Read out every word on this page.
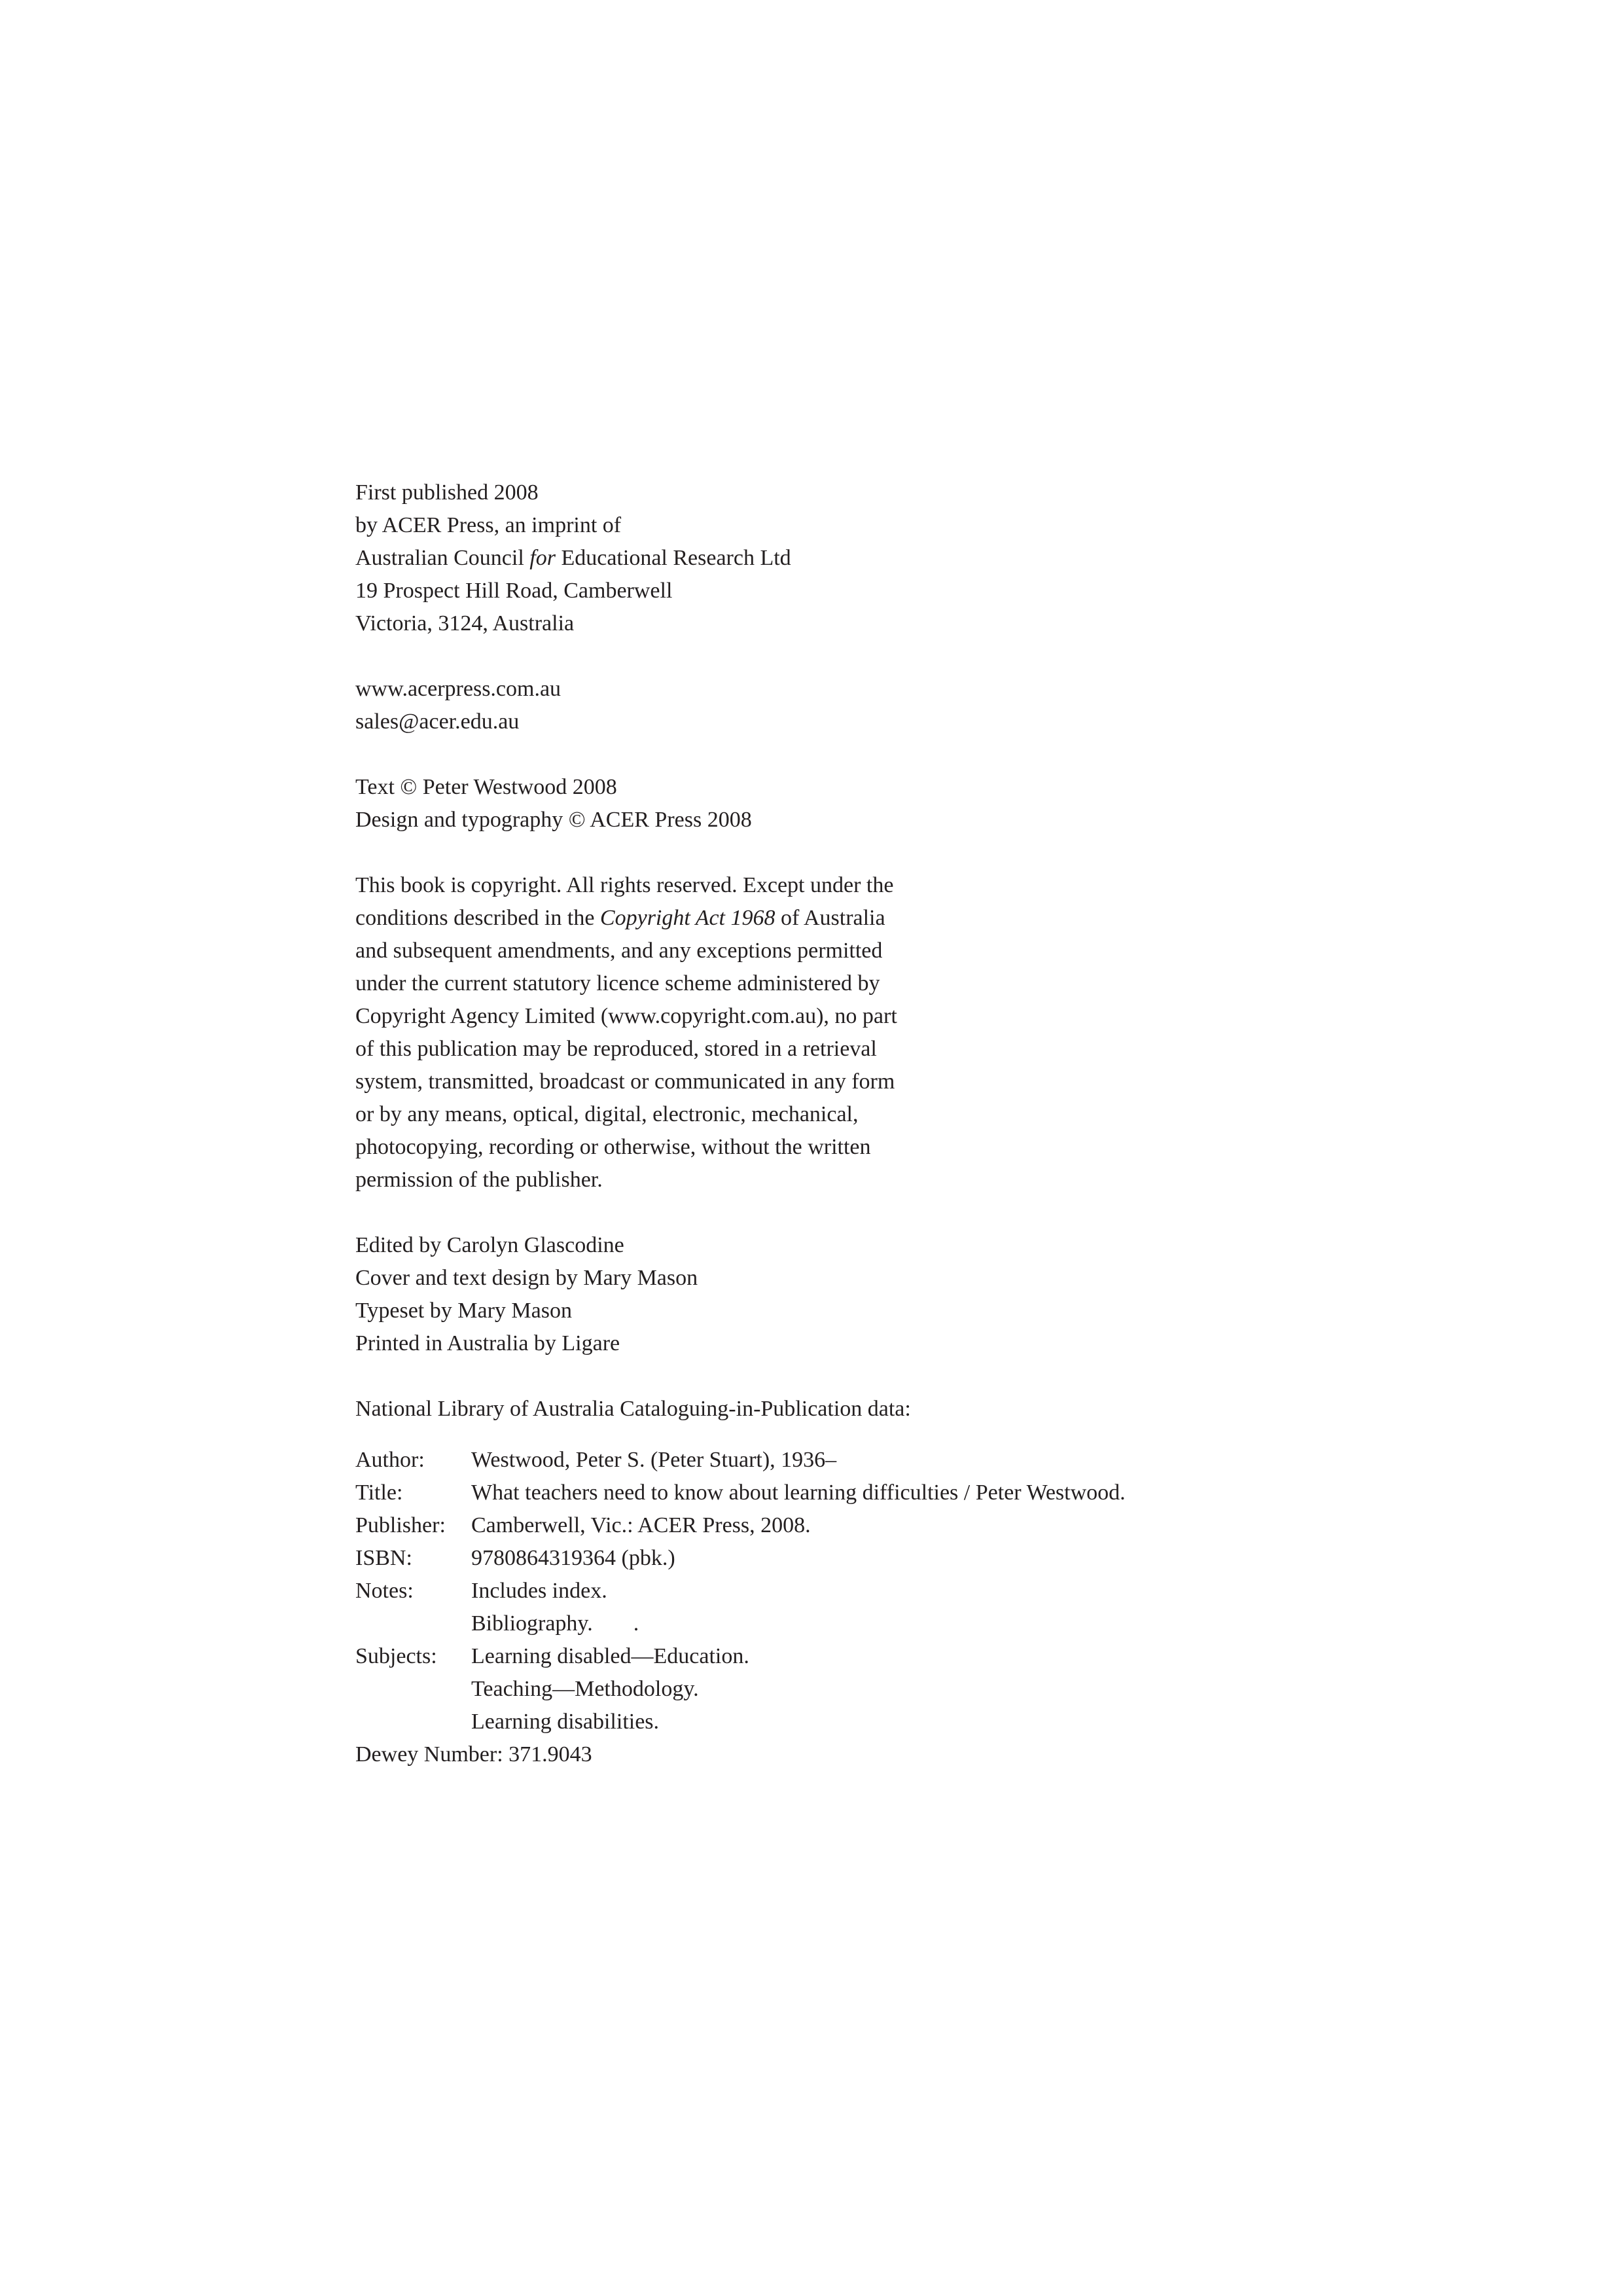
First published 2008
by ACER Press, an imprint of
Australian Council for Educational Research Ltd
19 Prospect Hill Road, Camberwell
Victoria, 3124, Australia
www.acerpress.com.au
sales@acer.edu.au
Text © Peter Westwood 2008
Design and typography © ACER Press 2008
This book is copyright. All rights reserved. Except under the
conditions described in the Copyright Act 1968 of Australia
and subsequent amendments, and any exceptions permitted
under the current statutory licence scheme administered by
Copyright Agency Limited (www.copyright.com.au), no part
of this publication may be reproduced, stored in a retrieval
system, transmitted, broadcast or communicated in any form
or by any means, optical, digital, electronic, mechanical,
photocopying, recording or otherwise, without the written
permission of the publisher.
Edited by Carolyn Glascodine
Cover and text design by Mary Mason
Typeset by Mary Mason
Printed in Australia by Ligare
National Library of Australia Cataloguing-in-Publication data:
Author: Westwood, Peter S. (Peter Stuart), 1936–
Title:	What teachers need to know about learning difficulties / Peter Westwood.
Publisher: Camberwell, Vic.: ACER Press, 2008.
ISBN:	9780864319364 (pbk.)
Notes:	Includes index.
Bibliography. .
Subjects: Learning disabled—Education.
Teaching—Methodology.
Learning disabilities.
Dewey Number: 371.9043
